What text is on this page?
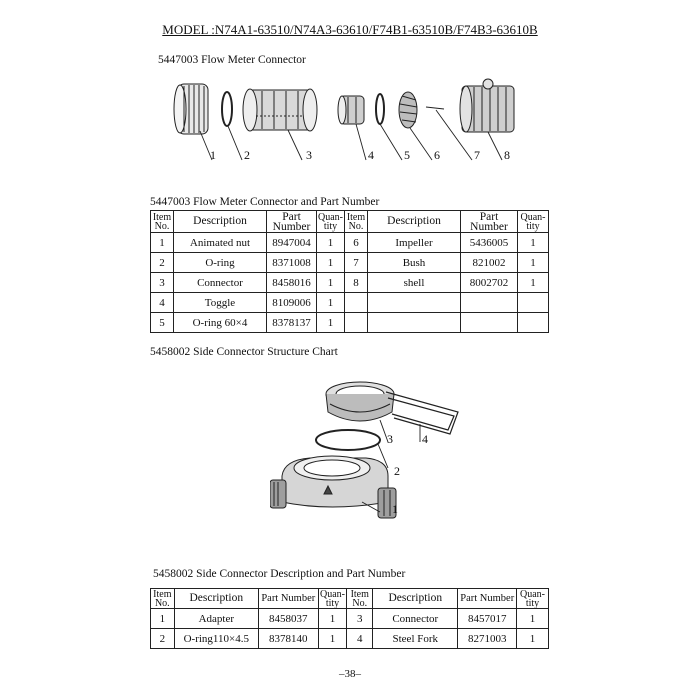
MODEL :N74A1-63510/N74A3-63610/F74B1-63510B/F74B3-63610B
5447003 Flow Meter Connector
1 2	3	4	5 6	7 8
5447003 Flow Meter Connector and Part Number
Item
No.	Description	Part
Number	Quan-
tity	Item
No.	Description	Part
Number	Quan-
tity
1	Animated nut	8947004	1	6	Impeller	5436005	1
2	O-ring	8371008	1	7	Bush	821002	1
3	Connector	8458016	1	8	shell	8002702	1
4	Toggle	8109006	1				
5	O-ring 60×4	8378137	1				
5458002 Side Connector Structure Chart
3 4
2
1
5458002 Side Connector Description and Part Number
Item
No.	Description	Part Number	Quan-
tity	Item
No.	Description	Part Number	Quan-
tity
1	Adapter	8458037	1	3	Connector	8457017	1
2	O-ring110×4.5	8378140	1	4	Steel Fork	8271003	1
–38–
